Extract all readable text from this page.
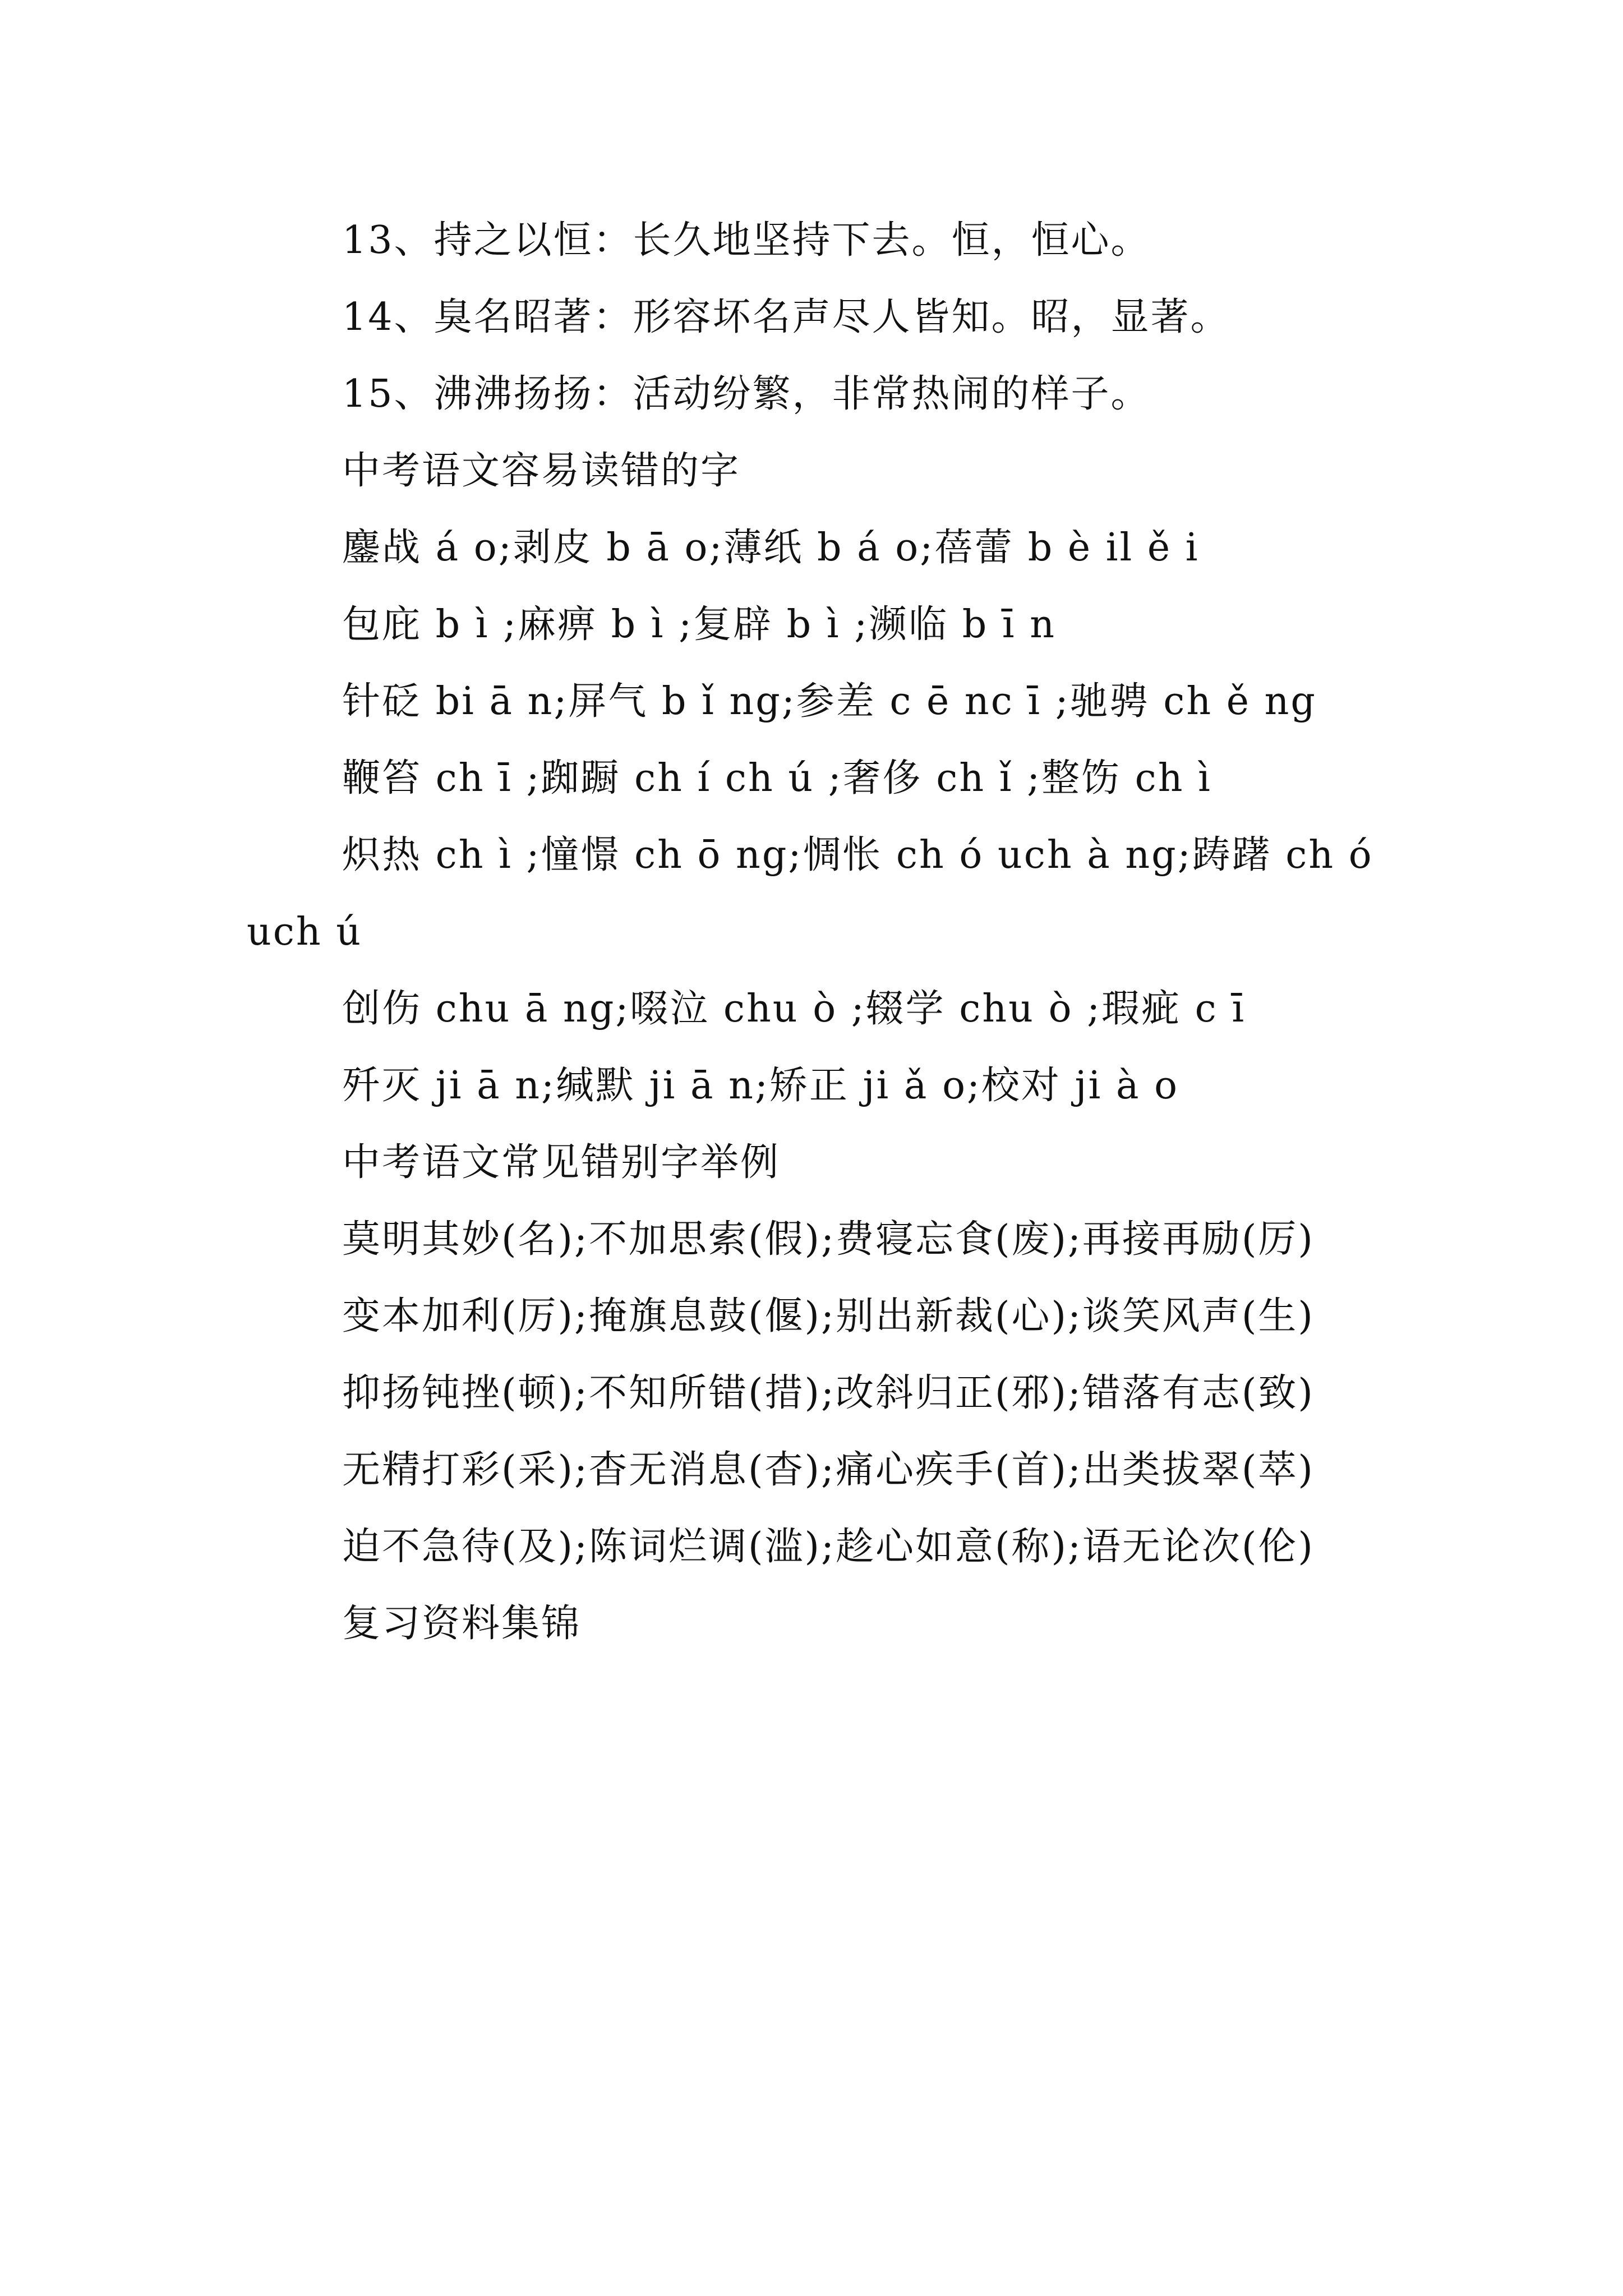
13、持之以恒：长久地坚持下去。恒，恒心。

14、臭名昭著：形容坏名声尽人皆知。昭，显著。

15、沸沸扬扬：活动纷繁，非常热闹的样子。

中考语文容易读错的字

鏖战 á o;剥皮 b ā o;薄纸 b á o;蓓蕾 b è il ě i

包庇 b ì ;麻痹 b ì ;复辟 b ì ;濒临 b ī n

针砭 bi ā n;屏气 b ǐ ng;参差 c ē nc ī ;驰骋 ch ě ng

鞭笞 ch ī ;踟蹰 ch í ch ú ;奢侈 ch ǐ ;整饬 ch ì

炽热 ch ì ;憧憬 ch ō ng;惆怅 ch ó uch à ng;踌躇 ch ó uch ú

创伤 chu ā ng;啜泣 chu ò ;辍学 chu ò ;瑕疵 c ī

歼灭 ji ā n;缄默 ji ā n;矫正 ji ǎ o;校对 ji à o

中考语文常见错别字举例

莫明其妙(名);不加思索(假);费寝忘食(废);再接再励(厉)

变本加利(厉);掩旗息鼓(偃);别出新裁(心);谈笑风声(生)

抑扬钝挫(顿);不知所错(措);改斜归正(邪);错落有志(致)

无精打彩(采);杳无消息(杳);痛心疾手(首);出类拔翠(萃)

迫不急待(及);陈词烂调(滥);趁心如意(称);语无论次(伦)

复习资料集锦
